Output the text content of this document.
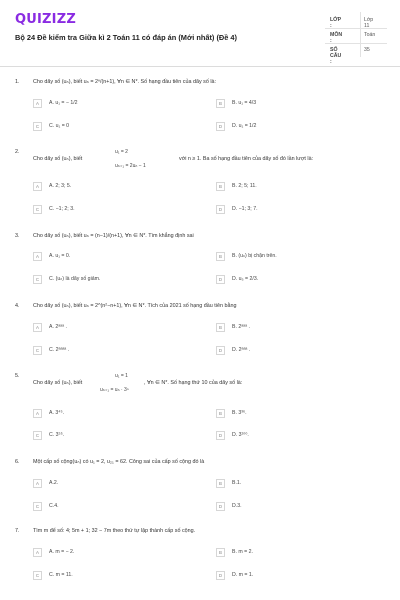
QUIZIZZ
Bộ 24 Đề kiểm tra Giữa kì 2 Toán 11 có đáp án (Mới nhất) (Đề 4)
LỚP :
Lớp 11
MÔN :
Toán
SỐ CÂU :
35
1.	Cho dãy số (uₙ), biết uₙ = 2ⁿ/(n+1), ∀n ∈ N*. Số hạng đầu tiên của dãy số là:
A	A. u₁ = − 1/2	B	B. u₁ = 4/3
C	C. u₁ = 0	D	D. u₁ = 1/2
2.	u₁ = 2
Cho dãy số (uₙ), biết
uₙ₊₁ = 2uₙ − 1
với n ≥ 1. Ba số hạng đầu tiên của dãy số đó lần lượt là:
A	A. 2; 3; 5.	B	B. 2; 5; 11.
C	C. −1; 2; 3.	D	D. −1; 3; 7.
3.	Cho dãy số (uₙ), biết uₙ = (n−1)/(n+1), ∀n ∈ N*. Tìm khẳng định sai
A	A. u₁ = 0.	B	B. (uₙ) bị chặn trên.
C	C. (uₙ) là dãy số giảm.	D	D. u₅ = 2/3.
4.	Cho dãy số (uₙ), biết uₙ = 2^(n²−n+1), ∀n ∈ N*. Tích của 2021 số hạng đầu tiên bằng
A	A. 2ᵃᵃᵃ .	B	B. 2ᵃᵃᵃ .
C	C. 2ᵃᵃᵃᵃ .	D	D. 2ᵃᵃᵃ .
5.	u₁ = 1
Cho dãy số (uₙ), biết
uₙ₊₁ = uₙ · 3ⁿ
, ∀n ∈ N*. Số hạng thứ 10 của dãy số là:
A	A. 3⁴⁵.	B	B. 3³⁶.
C	C. 3⁵⁵.	D	D. 3¹⁰⁰.
6.	Một cấp số cộng(uₙ) có u₁ = 2, u₂₁ = 62. Công sai của cấp số cộng đó là
A	A.2.	B	B.1.
C	C.4.	D	D.3.
7.	Tìm m để số: 4; 5m + 1; 32 − 7m theo thứ tự lập thành cấp số cộng.
A	A. m = − 2.	B	B. m = 2.
C	C. m = 11.	D	D. m = 1.
